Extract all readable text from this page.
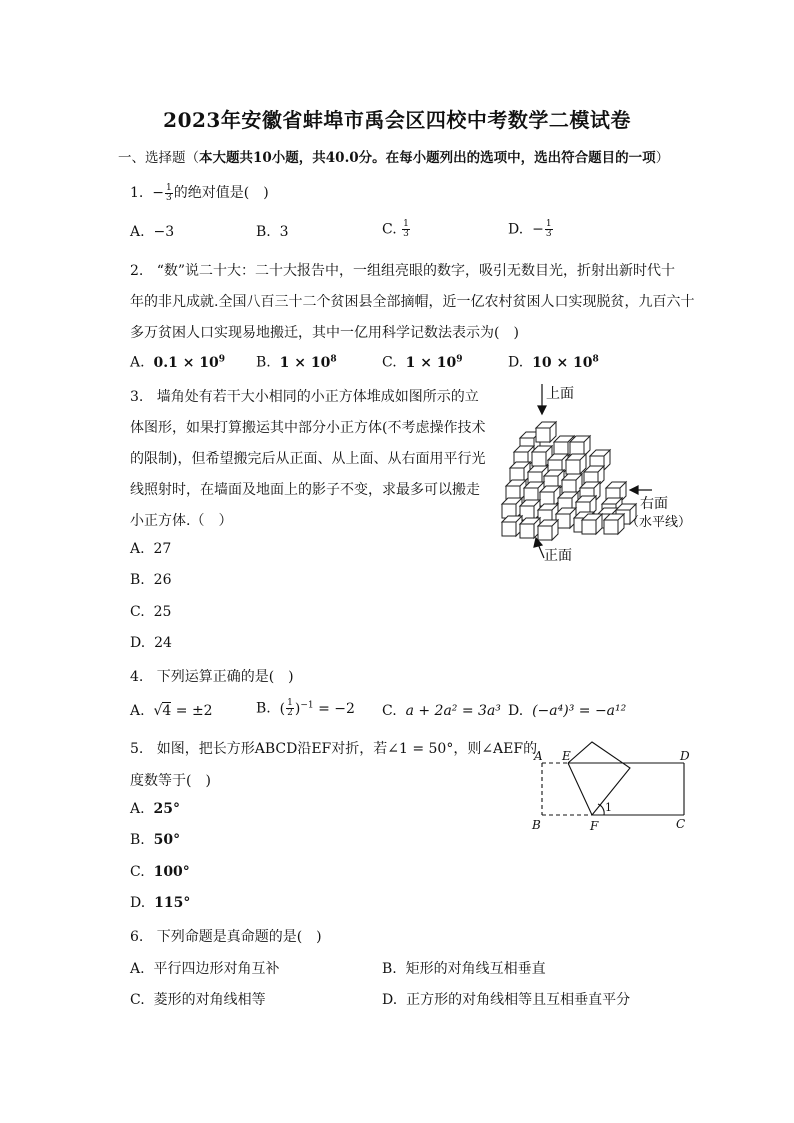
2023年安徽省蚌埠市禹会区四校中考数学二模试卷
一、选择题（本大题共10小题，共40.0分。在每小题列出的选项中，选出符合题目的一项）
1. − $\frac{1}{3}$ 的绝对值是(　)
A. −3	B. 3	C. $\frac{1}{3}$	D. − $\frac{1}{3}$
2. “数”说二十大：二十大报告中，一组组亮眼的数字，吸引无数目光，折射出新时代十
年的非凡成就.全国八百三十二个贫困县全部摘帽，近一亿农村贫困人口实现脱贫，九百六十
多万贫困人口实现易地搬迁，其中一亿用科学记数法表示为(　)
A. $0.1 \times 10^9$ B. $1 \times 10^8$	C. $1 \times 10^9$	D. $10 \times 10^8$
3. 墙角处有若干大小相同的小正方体堆成如图所示的立
体图形，如果打算搬运其中部分小正方体(不考虑操作技术
的限制)，但希望搬完后从正面、从上面、从右面用平行光
线照射时，在墙面及地面上的影子不变，求最多可以搬走
小正方体.（　）
A. 27
B. 26
C. 25
D. 24
上面
右面
（水平线）
正面
4. 下列运算正确的是(　)
A. √4 = ±2	B. ( $\frac{1}{2} )^{-1} = -2$ C. a + 2a² = 3a³ D. (−a⁴)³ = −a¹²
5. 如图，把长方形ABCD沿EF对折，若∠1 = 50°，则∠AEF的
度数等于(　)
A. 25°
B. 50°
C. 100°
D. 115°
A E	D
B	F	C
1
6. 下列命题是真命题的是(　)
A. 平行四边形对角互补	B. 矩形的对角线互相垂直
C. 菱形的对角线相等	D. 正方形的对角线相等且互相垂直平分
